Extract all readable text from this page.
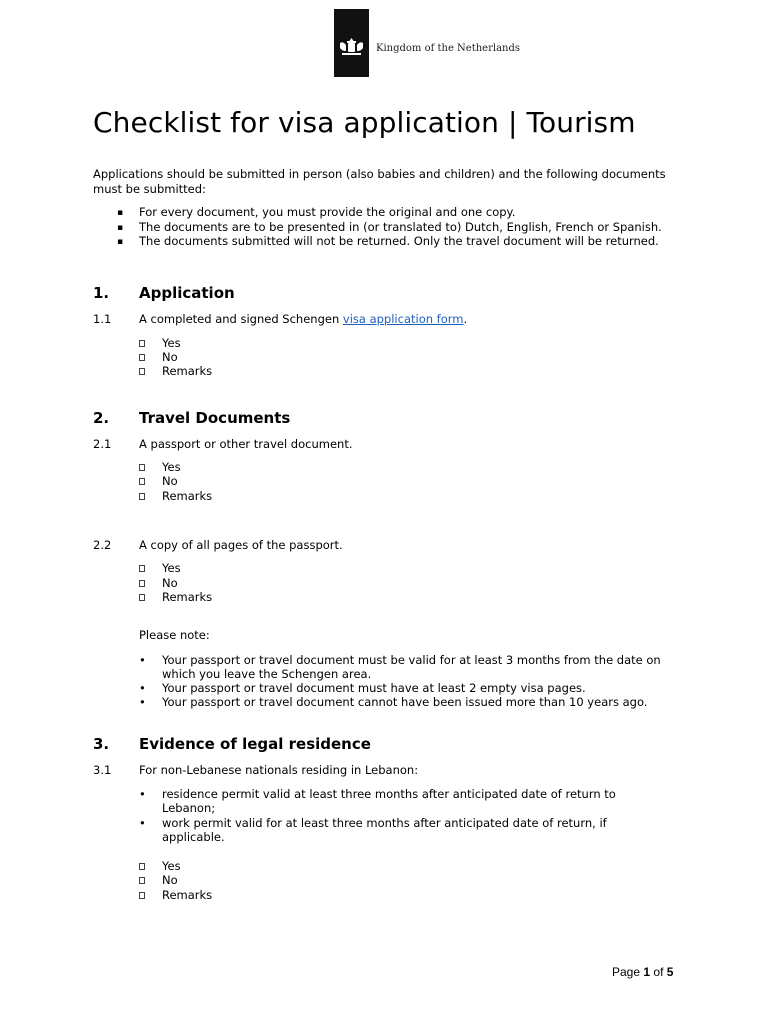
Kingdom of the Netherlands
Checklist for visa application | Tourism
Applications should be submitted in person (also babies and children) and the following documents must be submitted:
▪ For every document, you must provide the original and one copy.
▪ The documents are to be presented in (or translated to) Dutch, English, French or Spanish.
▪ The documents submitted will not be returned. Only the travel document will be returned.
1. Application
1.1 A completed and signed Schengen visa application form.
Yes
No
Remarks
2. Travel Documents
2.1 A passport or other travel document.
Yes
No
Remarks
2.2 A copy of all pages of the passport.
Yes
No
Remarks
Please note:
• Your passport or travel document must be valid for at least 3 months from the date on
which you leave the Schengen area.
• Your passport or travel document must have at least 2 empty visa pages.
• Your passport or travel document cannot have been issued more than 10 years ago.
3. Evidence of legal residence
3.1 For non-Lebanese nationals residing in Lebanon:
• residence permit valid at least three months after anticipated date of return to
Lebanon;
• work permit valid for at least three months after anticipated date of return, if
applicable.
Yes
No
Remarks
Page 1 of 5
